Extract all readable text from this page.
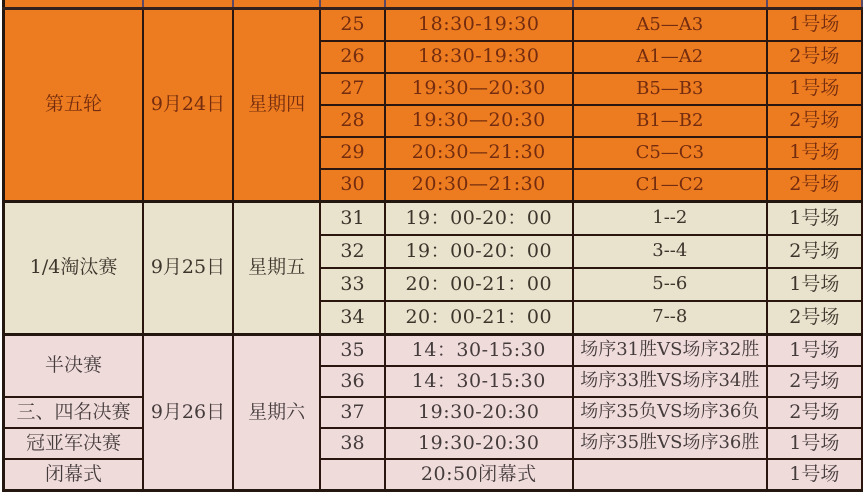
第五轮	9月24日	星期四	25	18:30-19:30	A5—A3	1号场
			26	18:30-19:30	A1—A2	2号场
			27	19:30—20:30	B5—B3	1号场
			28	19:30—20:30	B1—B2	2号场
			29	20:30—21:30	C5—C3	1号场
			30	20:30—21:30	C1—C2	2号场
1/4淘汰赛	9月25日	星期五	31	19：00-20：00	1--2	1号场
			32	19：00-20：00	3--4	2号场
			33	20：00-21：00	5--6	1号场
			34	20：00-21：00	7--8	2号场
半决赛	9月26日	星期六	35	14：30-15:30	场序31胜VS场序32胜	1号场
			36	14：30-15:30	场序33胜VS场序34胜	2号场
三、四名决赛			37	19:30-20:30	场序35负VS场序36负	2号场
冠亚军决赛			38	19:30-20:30	场序35胜VS场序36胜	1号场
闭幕式				20:50闭幕式		1号场
